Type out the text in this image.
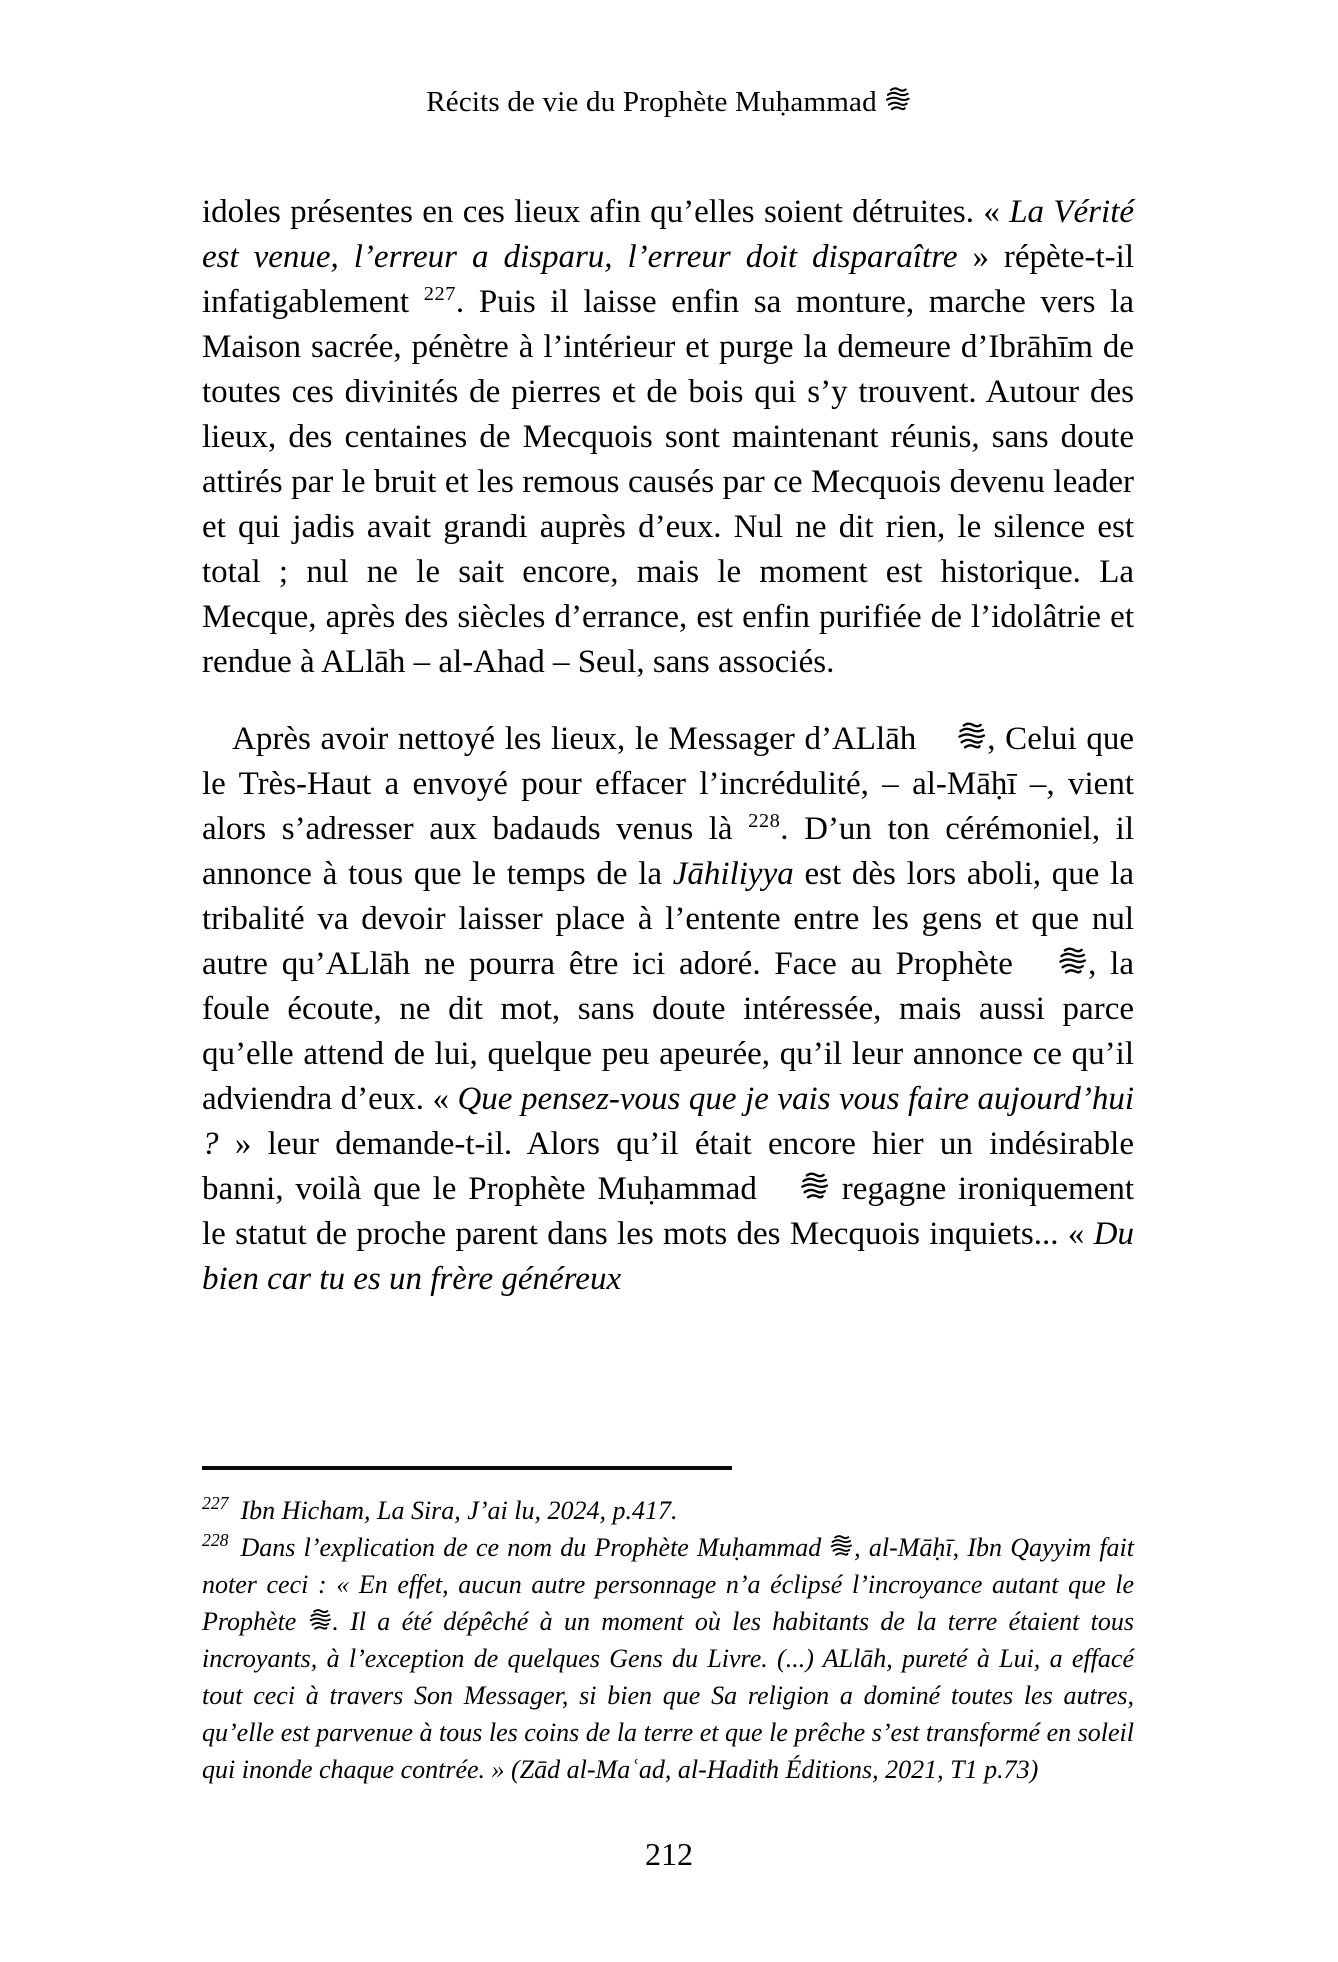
Récits de vie du Prophète Muḥammad

idoles présentes en ces lieux afin qu’elles soient détruites. « La Vérité est venue, l’erreur a disparu, l’erreur doit disparaître » répète-t-il infatigablement $^{227}$. Puis il laisse enfin sa monture, marche vers la Maison sacrée, pénètre à l’intérieur et purge la demeure d’Ibrāhīm de toutes ces divinités de pierres et de bois qui s’y trouvent. Autour des lieux, des centaines de Mecquois sont maintenant réunis, sans doute attirés par le bruit et les remous causés par ce Mecquois devenu leader et qui jadis avait grandi auprès d’eux. Nul ne dit rien, le silence est total ; nul ne le sait encore, mais le moment est historique. La Mecque, après des siècles d’errance, est enfin purifiée de l’idolâtrie et rendue à ALlāh – al-Ahad – Seul, sans associés.

Après avoir nettoyé les lieux, le Messager d’ALlāh , Celui que le Très-Haut a envoyé pour effacer l’incrédulité, – al-Māḥī –, vient alors s’adresser aux badauds venus là $^{228}$. D’un ton cérémoniel, il annonce à tous que le temps de la Jāhiliyya est dès lors aboli, que la tribalité va devoir laisser place à l’entente entre les gens et que nul autre qu’ALlāh ne pourra être ici adoré. Face au Prophète , la foule écoute, ne dit mot, sans doute intéressée, mais aussi parce qu’elle attend de lui, quelque peu apeurée, qu’il leur annonce ce qu’il adviendra d’eux. « Que pensez-vous que je vais vous faire aujourd’hui ? » leur demande-t-il. Alors qu’il était encore hier un indésirable banni, voilà que le Prophète Muḥammad  regagne ironiquement le statut de proche parent dans les mots des Mecquois inquiets... « Du bien car tu es un frère généreux

$^{227}$ Ibn Hicham, La Sira, J’ai lu, 2024, p.417.

$^{228}$ Dans l’explication de ce nom du Prophète Muḥammad , al-Māḥī, Ibn Qayyim fait noter ceci : « En effet, aucun autre personnage n’a éclipsé l’incroyance autant que le Prophète . Il a été dépêché à un moment où les habitants de la terre étaient tous incroyants, à l’exception de quelques Gens du Livre. (...) ALlāh, pureté à Lui, a effacé tout ceci à travers Son Messager, si bien que Sa religion a dominé toutes les autres, qu’elle est parvenue à tous les coins de la terre et que le prêche s’est transformé en soleil qui inonde chaque contrée. » (Zād al-Maʿad, al-Hadith Éditions, 2021, T1 p.73)

212
